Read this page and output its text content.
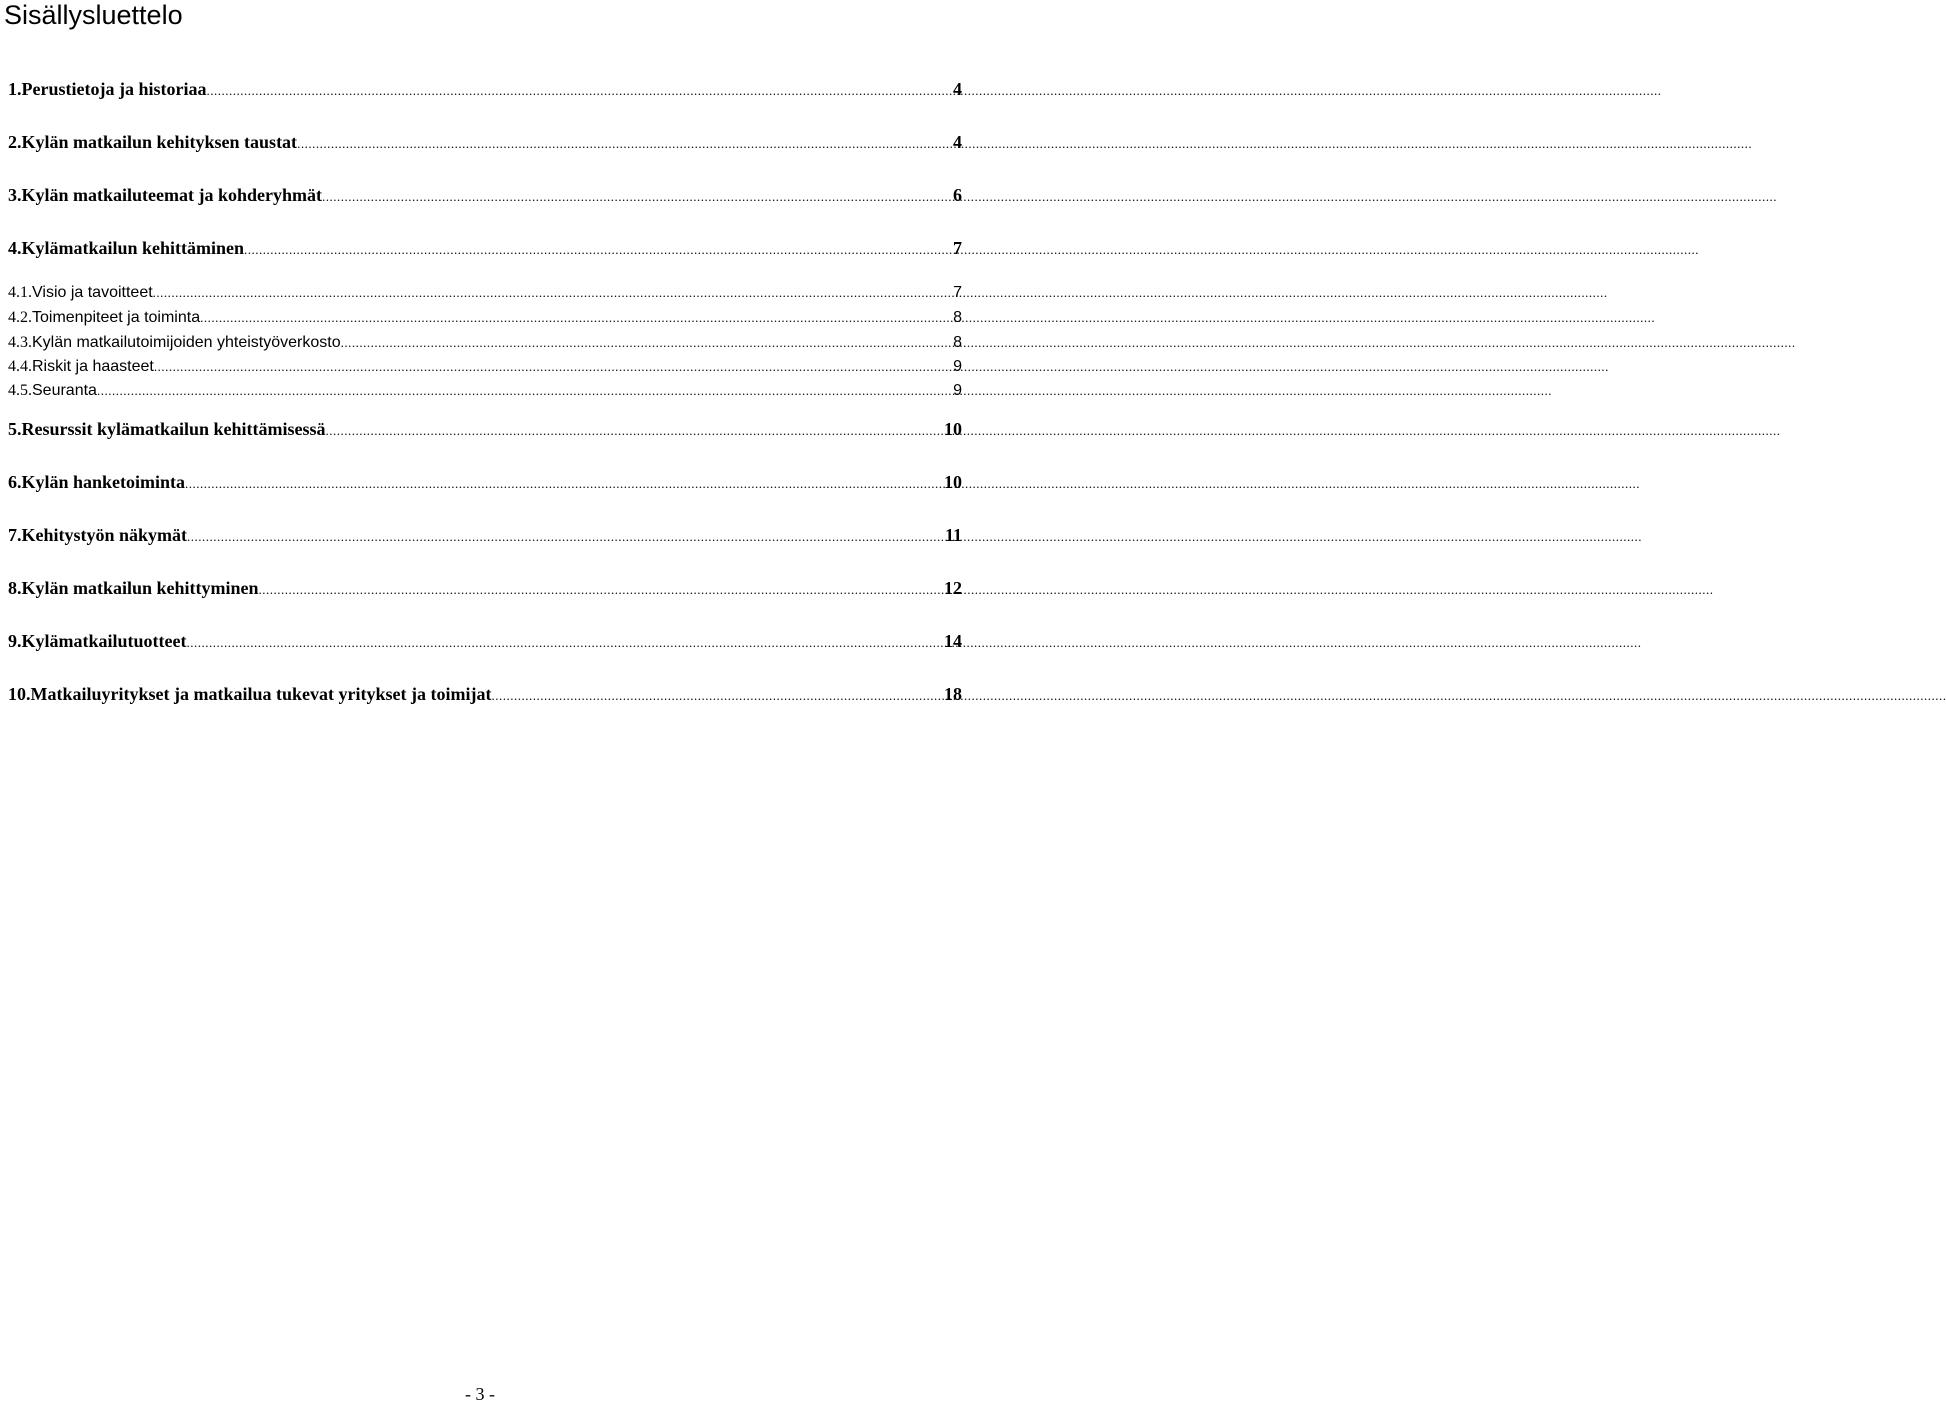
Sisällysluettelo
1. Perustietoja ja historiaa .....	4
2. Kylän matkailun kehityksen taustat .....	4
3. Kylän matkailuteemat ja kohderyhmät .....	6
4. Kylämatkailun kehittäminen .....	7
4.1. Visio ja tavoitteet .....	7
4.2. Toimenpiteet ja toiminta .....	8
4.3. Kylän matkailutoimijoiden yhteistyöverkosto .....	8
4.4. Riskit ja haasteet .....	9
4.5. Seuranta .....	9
5. Resurssit kylämatkailun kehittämisessä .....	10
6. Kylän hanketoiminta .....	10
7. Kehitystyön näkymät .....	11
8. Kylän matkailun kehittyminen .....	12
9. Kylämatkailutuotteet .....	14
10. Matkailuyritykset ja matkailua tukevat yritykset ja toimijat .....	18
- 3 -
